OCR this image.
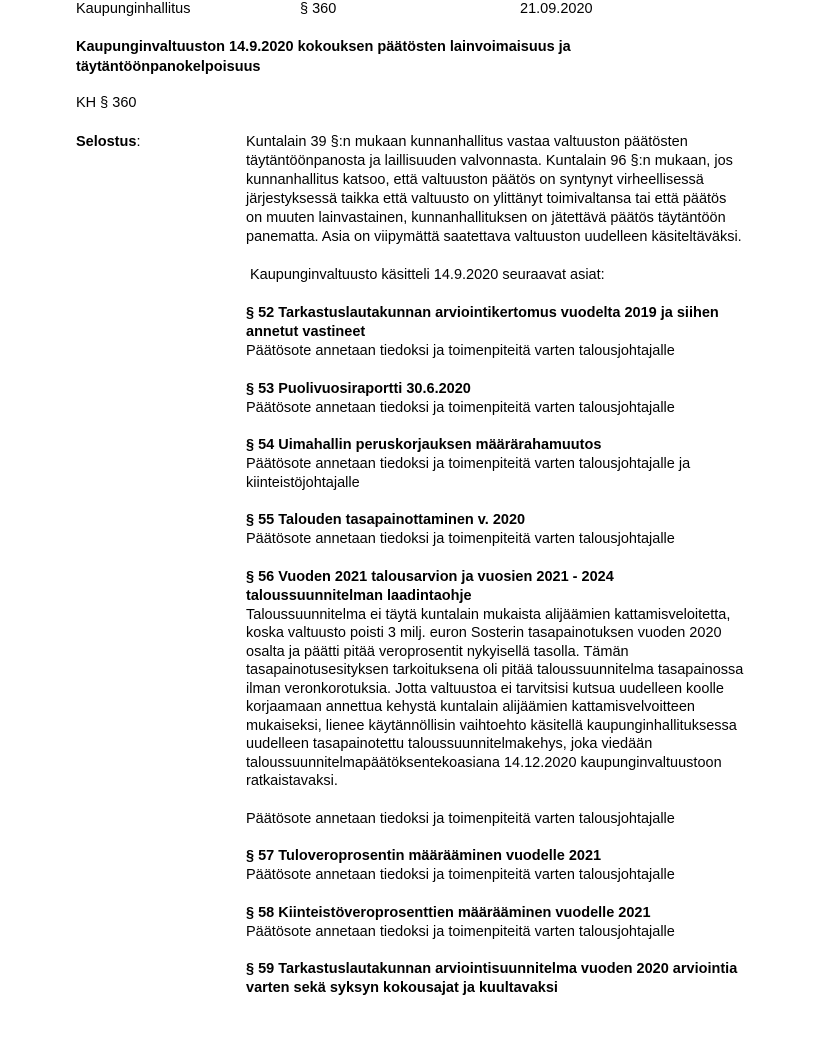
Kaupunginhallitus	§ 360	21.09.2020
Kaupunginvaltuuston 14.9.2020 kokouksen päätösten lainvoimaisuus ja täytäntöönpanokelpoisuus
KH § 360
Selostus:	Kuntalain 39 §:n mukaan kunnanhallitus vastaa valtuuston päätösten täytäntöönpanosta ja laillisuuden valvonnasta. Kuntalain 96 §:n mukaan, jos kunnanhallitus katsoo, että valtuuston päätös on syntynyt virheellisessä järjestyksessä taikka että valtuusto on ylittänyt toimivaltansa tai että päätös on muuten lainvastainen, kunnanhallituksen on jätettävä päätös täytäntöön panematta. Asia on viipymättä saatettava valtuuston uudelleen käsiteltäväksi.

Kaupunginvaltuusto käsitteli 14.9.2020 seuraavat asiat:

§ 52 Tarkastuslautakunnan arviointikertomus vuodelta 2019 ja siihen annetut vastineet
Päätösote annetaan tiedoksi ja toimenpiteitä varten talousjohtajalle
§ 53 Puolivuosiraportti 30.6.2020
Päätösote annetaan tiedoksi ja toimenpiteitä varten talousjohtajalle
§ 54 Uimahallin peruskorjauksen määrärahamuutos
Päätösote annetaan tiedoksi ja toimenpiteitä varten talousjohtajalle ja kiinteistöjohtajalle
§ 55 Talouden tasapainottaminen v. 2020
Päätösote annetaan tiedoksi ja toimenpiteitä varten talousjohtajalle
§ 56 Vuoden 2021 talousarvion ja vuosien 2021 - 2024 taloussuunnitelman laadintaohje
Taloussuunnitelma ei täytä kuntalain mukaista alijäämien kattamisveloitetta, koska valtuusto poisti 3 milj. euron Sosterin tasapainotuksen vuoden 2020 osalta ja päätti pitää veroprosentit nykyisellä tasolla. Tämän tasapainotusesityksen tarkoituksena oli pitää taloussuunnitelma tasapainossa ilman veronkorotuksia. Jotta valtuustoa ei tarvitsisi kutsua uudelleen koolle korjaamaan annettua kehystä kuntalain alijäämien kattamisvelvoitteen mukaiseksi, lienee käytännöllisin vaihtoehto käsitellä kaupunginhallituksessa uudelleen tasapainotettu taloussuunnitelmakehys, joka viedään taloussuunnitelmapäätöksentekoasiana 14.12.2020 kaupunginvaltuustoon ratkaistavaksi.
Päätösote annetaan tiedoksi ja toimenpiteitä varten talousjohtajalle
§ 57 Tuloveroprosentin määrääminen vuodelle 2021
Päätösote annetaan tiedoksi ja toimenpiteitä varten talousjohtajalle
§ 58 Kiinteistöveroprosenttien määrääminen vuodelle 2021
Päätösote annetaan tiedoksi ja toimenpiteitä varten talousjohtajalle
§ 59 Tarkastuslautakunnan arviointisuunnitelma vuoden 2020 arviointia varten sekä syksyn kokousajat ja kuultavaksi
